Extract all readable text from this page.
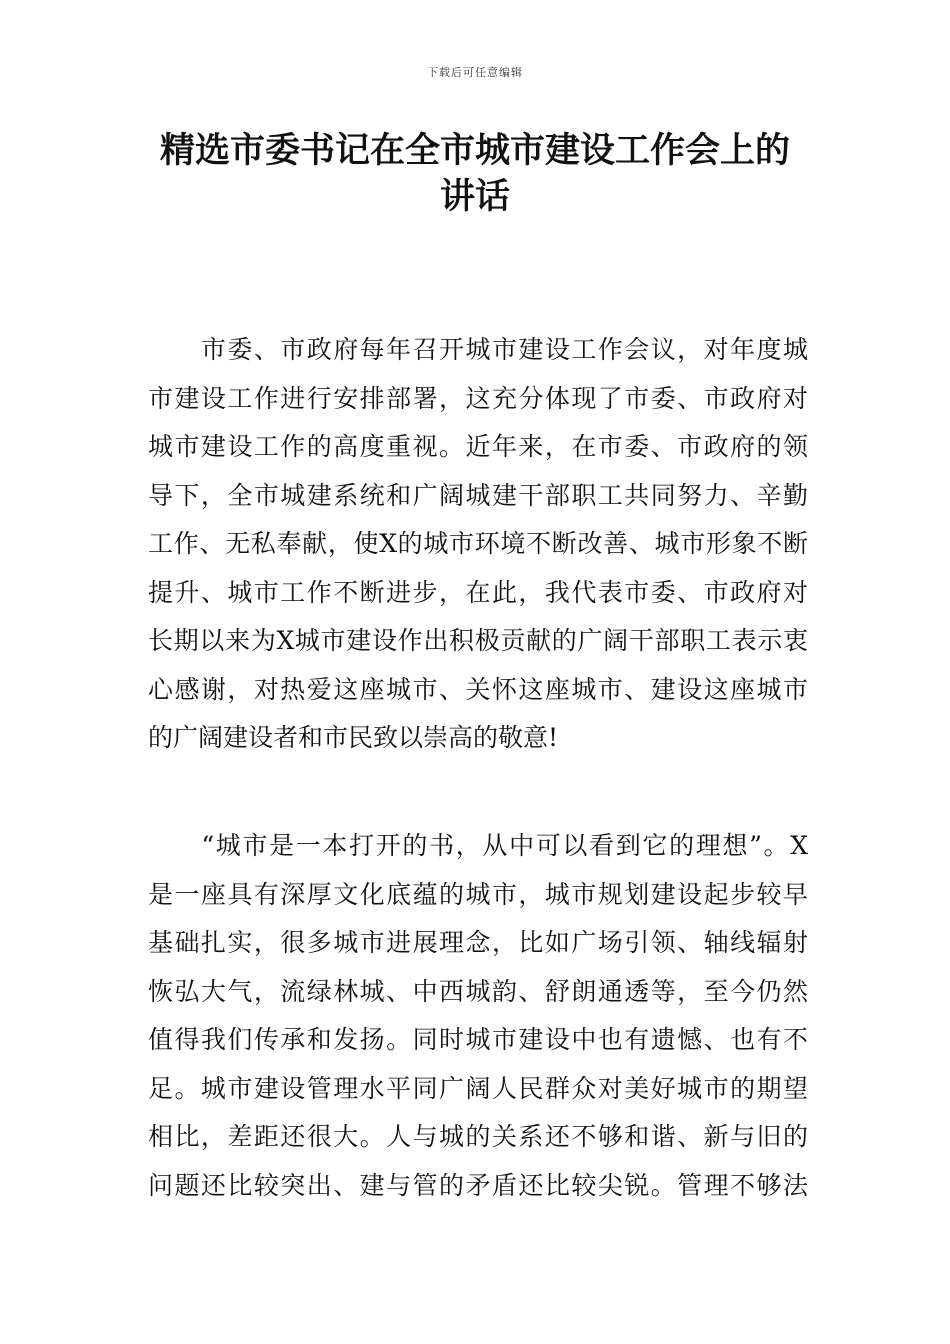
下载后可任意编辑
精选市委书记在全市城市建设工作会上的
讲话
　　市委、市政府每年召开城市建设工作会议，对年度城
市建设工作进行安排部署，这充分体现了市委、市政府对
城市建设工作的高度重视。近年来，在市委、市政府的领
导下，全市城建系统和广阔城建干部职工共同努力、辛勤
工作、无私奉献，使X的城市环境不断改善、城市形象不断
提升、城市工作不断进步，在此，我代表市委、市政府对
长期以来为X城市建设作出积极贡献的广阔干部职工表示衷
心感谢，对热爱这座城市、关怀这座城市、建设这座城市
的广阔建设者和市民致以崇高的敬意!
　　“城市是一本打开的书，从中可以看到它的理想”。X
是一座具有深厚文化底蕴的城市，城市规划建设起步较早
基础扎实，很多城市进展理念，比如广场引领、轴线辐射
恢弘大气，流绿林城、中西城韵、舒朗通透等，至今仍然
值得我们传承和发扬。同时城市建设中也有遗憾、也有不
足。城市建设管理水平同广阔人民群众对美好城市的期望
相比，差距还很大。人与城的关系还不够和谐、新与旧的
问题还比较突出、建与管的矛盾还比较尖锐。管理不够法
